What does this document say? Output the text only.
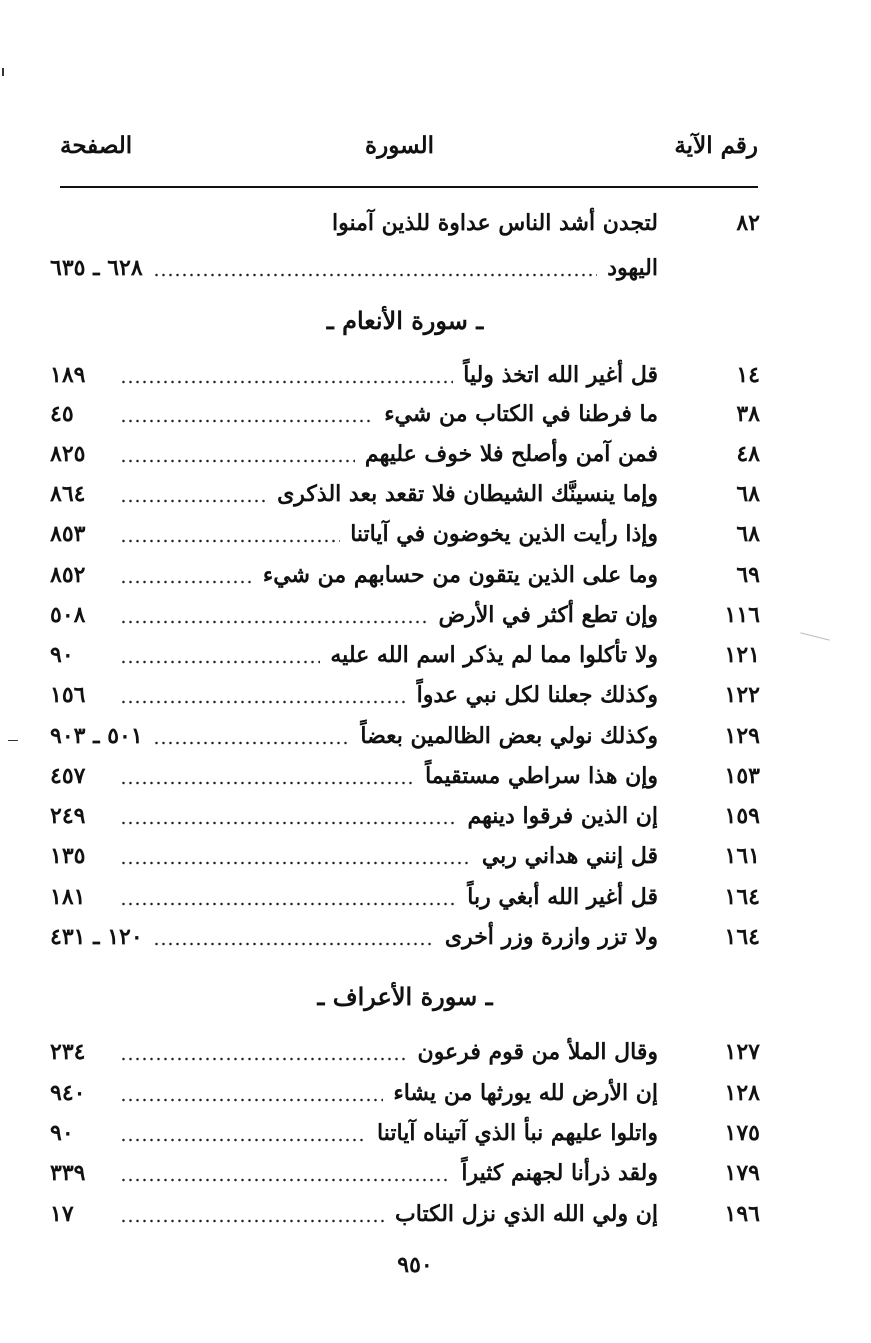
رقم الآية
السورة
الصفحة
٨٢
لتجدن أشد الناس عداوة للذين آمنوا
اليهود
٦٢٨ ـ ٦٣٥
ـ سورة الأنعام ـ
١٤
قل أغير الله اتخذ ولياً
١٨٩
٣٨
ما فرطنا في الكتاب من شيء
٤٥
٤٨
فمن آمن وأصلح فلا خوف عليهم
٨٢٥
٦٨
وإما ينسينَّك الشيطان فلا تقعد بعد الذكرى
٨٦٤
٦٨
وإذا رأيت الذين يخوضون في آياتنا
٨٥٣
٦٩
وما على الذين يتقون من حسابهم من شيء
٨٥٢
١١٦
وإن تطع أكثر في الأرض
٥٠٨
١٢١
ولا تأكلوا مما لم يذكر اسم الله عليه
٩٠
١٢٢
وكذلك جعلنا لكل نبي عدواً
١٥٦
١٢٩
وكذلك نولي بعض الظالمين بعضاً
٥٠١ ـ ٩٠٣
١٥٣
وإن هذا سراطي مستقيماً
٤٥٧
١٥٩
إن الذين فرقوا دينهم
٢٤٩
١٦١
قل إنني هداني ربي
١٣٥
١٦٤
قل أغير الله أبغي رباً
١٨١
١٦٤
ولا تزر وازرة وزر أخرى
١٢٠ ـ ٤٣١
ـ سورة الأعراف ـ
١٢٧
وقال الملأ من قوم فرعون
٢٣٤
١٢٨
إن الأرض لله يورثها من يشاء
٩٤٠
١٧٥
واتلوا عليهم نبأ الذي آتيناه آياتنا
٩٠
١٧٩
ولقد ذرأنا لجهنم كثيراً
٣٣٩
١٩٦
إن ولي الله الذي نزل الكتاب
١٧
٩٥٠
